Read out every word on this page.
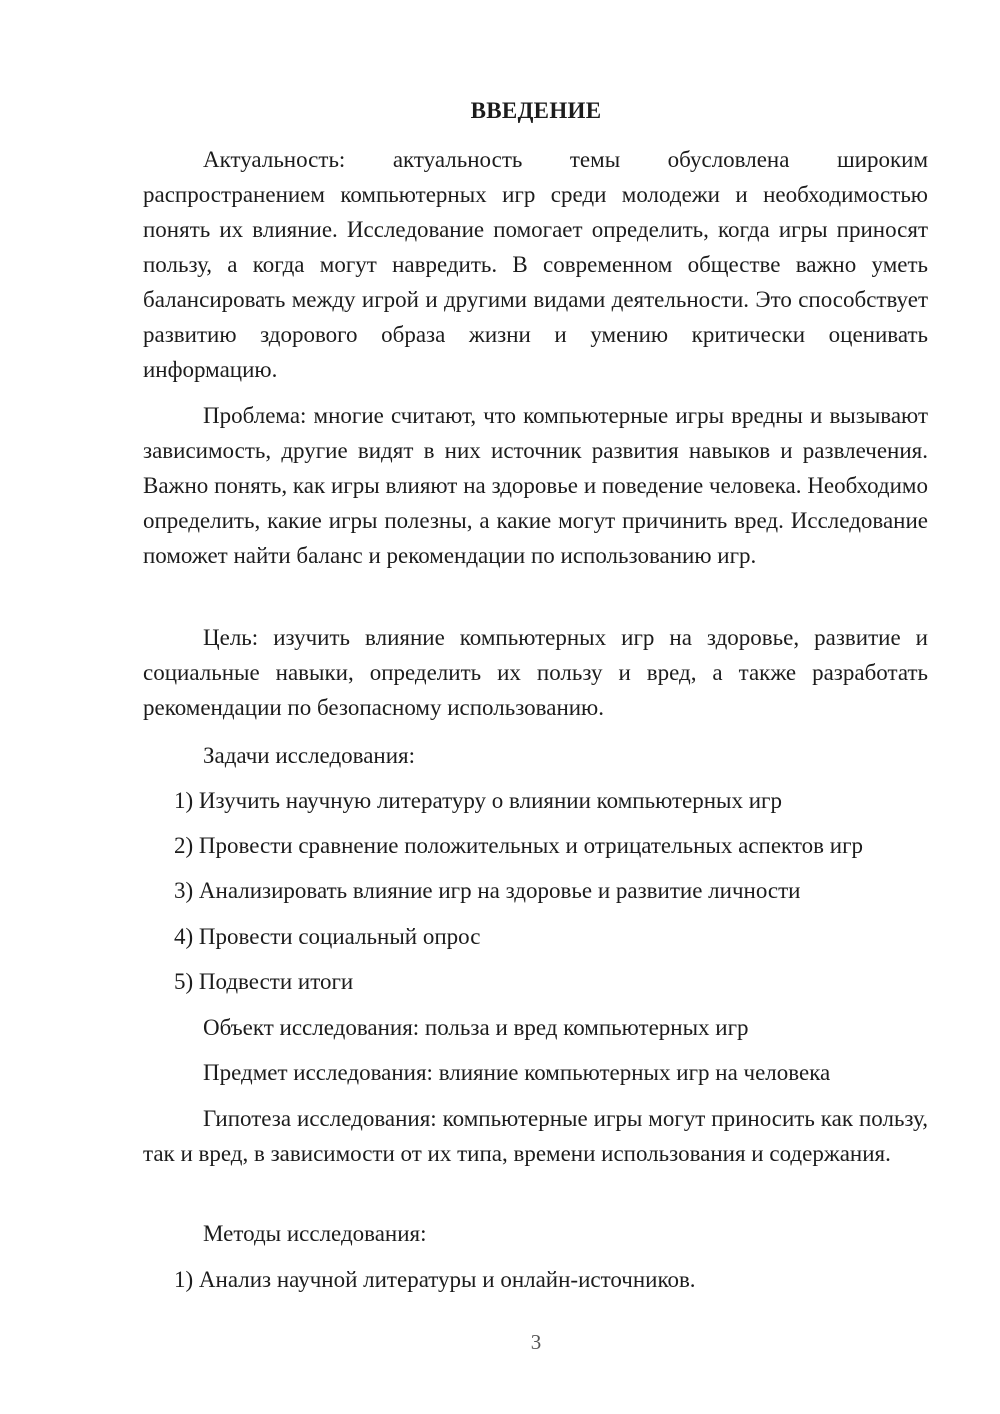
ВВЕДЕНИЕ

Актуальность: актуальность темы обусловлена широким распространением компьютерных игр среди молодежи и необходимостью понять их влияние. Исследование помогает определить, когда игры приносят пользу, а когда могут навредить. В современном обществе важно уметь балансировать между игрой и другими видами деятельности. Это способствует развитию здорового образа жизни и умению критически оценивать информацию.

Проблема: многие считают, что компьютерные игры вредны и вызывают зависимость, другие видят в них источник развития навыков и развлечения. Важно понять, как игры влияют на здоровье и поведение человека. Необходимо определить, какие игры полезны, а какие могут причинить вред. Исследование поможет найти баланс и рекомендации по использованию игр.

Цель: изучить влияние компьютерных игр на здоровье, развитие и социальные навыки, определить их пользу и вред, а также разработать рекомендации по безопасному использованию.

Задачи исследования:

1) Изучить научную литературу о влиянии компьютерных игр

2) Провести сравнение положительных и отрицательных аспектов игр

3) Анализировать влияние игр на здоровье и развитие личности

4) Провести социальный опрос

5) Подвести итоги

Объект исследования: польза и вред компьютерных игр

Предмет исследования: влияние компьютерных игр на человека

Гипотеза исследования: компьютерные игры могут приносить как пользу, так и вред, в зависимости от их типа, времени использования и содержания.

Методы исследования:

1) Анализ научной литературы и онлайн-источников.

3
